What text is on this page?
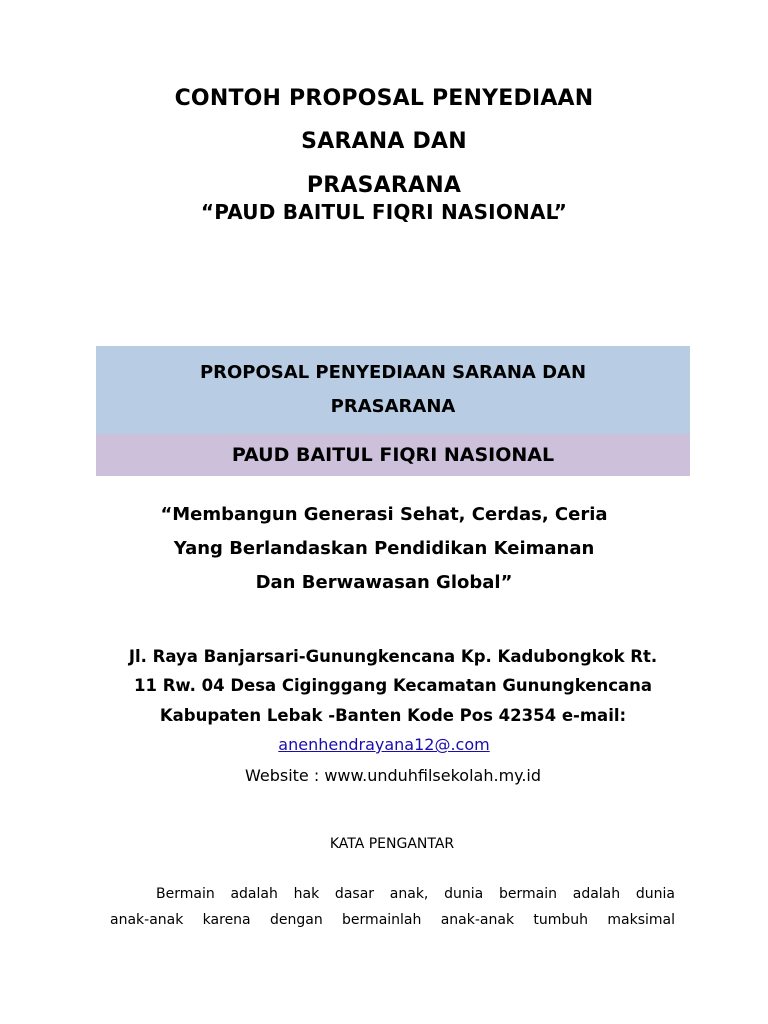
CONTOH PROPOSAL PENYEDIAAN
SARANA DAN
PRASARANA
“PAUD BAITUL FIQRI NASIONAL”
PROPOSAL PENYEDIAAN SARANA DAN
PRASARANA
PAUD BAITUL FIQRI NASIONAL
“Membangun Generasi Sehat, Cerdas, Ceria
Yang Berlandaskan Pendidikan Keimanan
Dan Berwawasan Global”
Jl. Raya Banjarsari-Gunungkencana Kp. Kadubongkok Rt.
11 Rw. 04 Desa Ciginggang Kecamatan Gunungkencana
Kabupaten Lebak -Banten Kode Pos 42354 e-mail:
anenhendrayana12@.com
Website : www.unduhfilsekolah.my.id
KATA PENGANTAR
Bermain adalah hak dasar anak, dunia bermain adalah dunia
anak-anak karena dengan bermainlah anak-anak tumbuh maksimal
